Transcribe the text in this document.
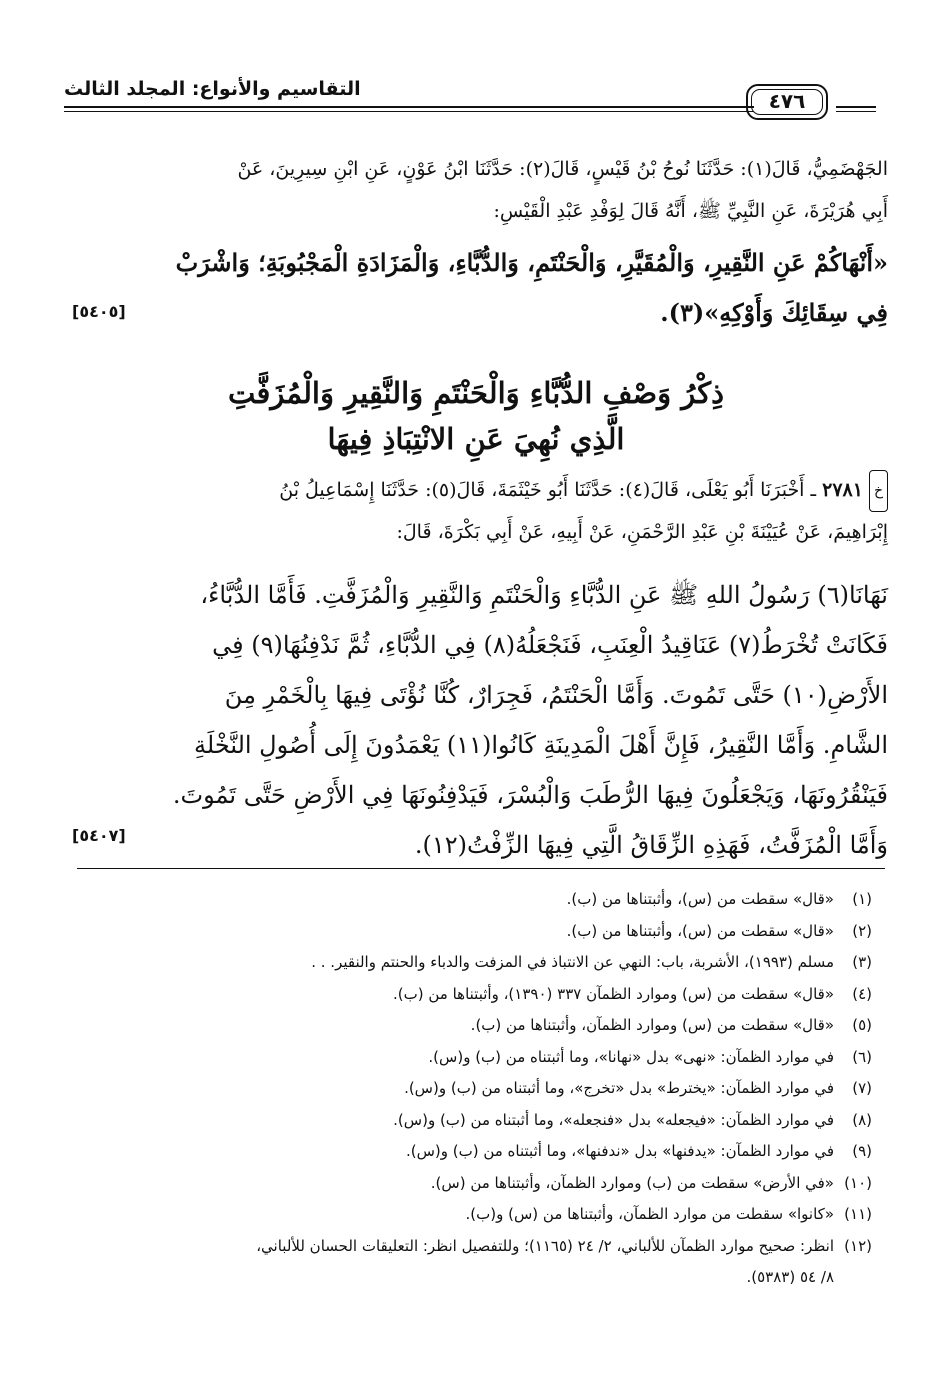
التقاسيم والأنواع: المجلد الثالث	٤٧٦
الجَهْضَمِيُّ، قَالَ(١): حَدَّثَنَا نُوحُ بْنُ قَيْسٍ، قَالَ(٢): حَدَّثَنَا ابْنُ عَوْنٍ، عَنِ ابْنِ سِيرِينَ، عَنْ
أَبِي هُرَيْرَةَ، عَنِ النَّبِيِّ ﷺ، أَنَّهُ قَالَ لِوَفْدِ عَبْدِ الْقَيْسِ:
«أَنْهَاكُمْ عَنِ النَّقِيرِ، وَالْمُقَيَّرِ، وَالْحَنْتَمِ، وَالدُّبَّاءِ، وَالْمَزَادَةِ الْمَجْبُوبَةِ؛ وَاشْرَبْ
فِي سِقَائِكَ وَأَوْكِهِ»(٣).
[٥٤٠٥]
ذِكْرُ وَصْفِ الدُّبَّاءِ وَالْحَنْتَمِ وَالنَّقِيرِ وَالْمُزَفَّتِ
الَّذِي نُهِيَ عَنِ الانْتِبَاذِ فِيهَا
خ٢٧٨١ ـ أَخْبَرَنَا أَبُو يَعْلَى، قَالَ(٤): حَدَّثَنَا أَبُو خَيْثَمَةَ، قَالَ(٥): حَدَّثَنَا إِسْمَاعِيلُ بْنُ
إِبْرَاهِيمَ، عَنْ عُيَيْنَةَ بْنِ عَبْدِ الرَّحْمَنِ، عَنْ أَبِيهِ، عَنْ أَبِي بَكْرَةَ، قَالَ:
نَهَانَا(٦) رَسُولُ اللهِ ﷺ عَنِ الدُّبَّاءِ وَالْحَنْتَمِ وَالنَّقِيرِ وَالْمُزَفَّتِ. فَأَمَّا الدُّبَّاءُ،
فَكَانَتْ تُخْرَطُ(٧) عَنَاقِيدُ الْعِنَبِ، فَنَجْعَلُهُ(٨) فِي الدُّبَّاءِ، ثُمَّ نَدْفِنُهَا(٩) فِي
الأَرْضِ(١٠) حَتَّى تَمُوتَ. وَأَمَّا الْحَنْتَمُ، فَجِرَارٌ، كُنَّا نُؤْتَى فِيهَا بِالْخَمْرِ مِنَ
الشَّامِ. وَأَمَّا النَّقِيرُ، فَإِنَّ أَهْلَ الْمَدِينَةِ كَانُوا(١١) يَعْمَدُونَ إِلَى أُصُولِ النَّخْلَةِ
فَيَنْقُرُونَهَا، وَيَجْعَلُونَ فِيهَا الرُّطَبَ وَالْبُسْرَ، فَيَدْفِنُونَهَا فِي الأَرْضِ حَتَّى تَمُوتَ.
وَأَمَّا الْمُزَفَّتُ، فَهَذِهِ الزِّقَاقُ الَّتِي فِيهَا الزِّفْتُ(١٢).
[٥٤٠٧]
(١)«قال» سقطت من (س)، وأثبتناها من (ب).
(٢)«قال» سقطت من (س)، وأثبتناها من (ب).
(٣)مسلم (١٩٩٣)، الأشربة، باب: النهي عن الانتباذ في المزفت والدباء والحنتم والنقير. . .
(٤)«قال» سقطت من (س) وموارد الظمآن ٣٣٧ (١٣٩٠)، وأثبتناها من (ب).
(٥)«قال» سقطت من (س) وموارد الظمآن، وأثبتناها من (ب).
(٦)في موارد الظمآن: «نهى» بدل «نهانا»، وما أثبتناه من (ب) و(س).
(٧)في موارد الظمآن: «يخترط» بدل «تخرج»، وما أثبتناه من (ب) و(س).
(٨)في موارد الظمآن: «فيجعله» بدل «فنجعله»، وما أثبتناه من (ب) و(س).
(٩)في موارد الظمآن: «يدفنها» بدل «ندفنها»، وما أثبتناه من (ب) و(س).
(١٠)«في الأرض» سقطت من (ب) وموارد الظمآن، وأثبتناها من (س).
(١١)«كانوا» سقطت من موارد الظمآن، وأثبتناها من (س) و(ب).
(١٢)انظر: صحيح موارد الظمآن للألباني، ٢/ ٢٤ (١١٦٥)؛ وللتفصيل انظر: التعليقات الحسان للألباني،
٨/ ٥٤ (٥٣٨٣).
